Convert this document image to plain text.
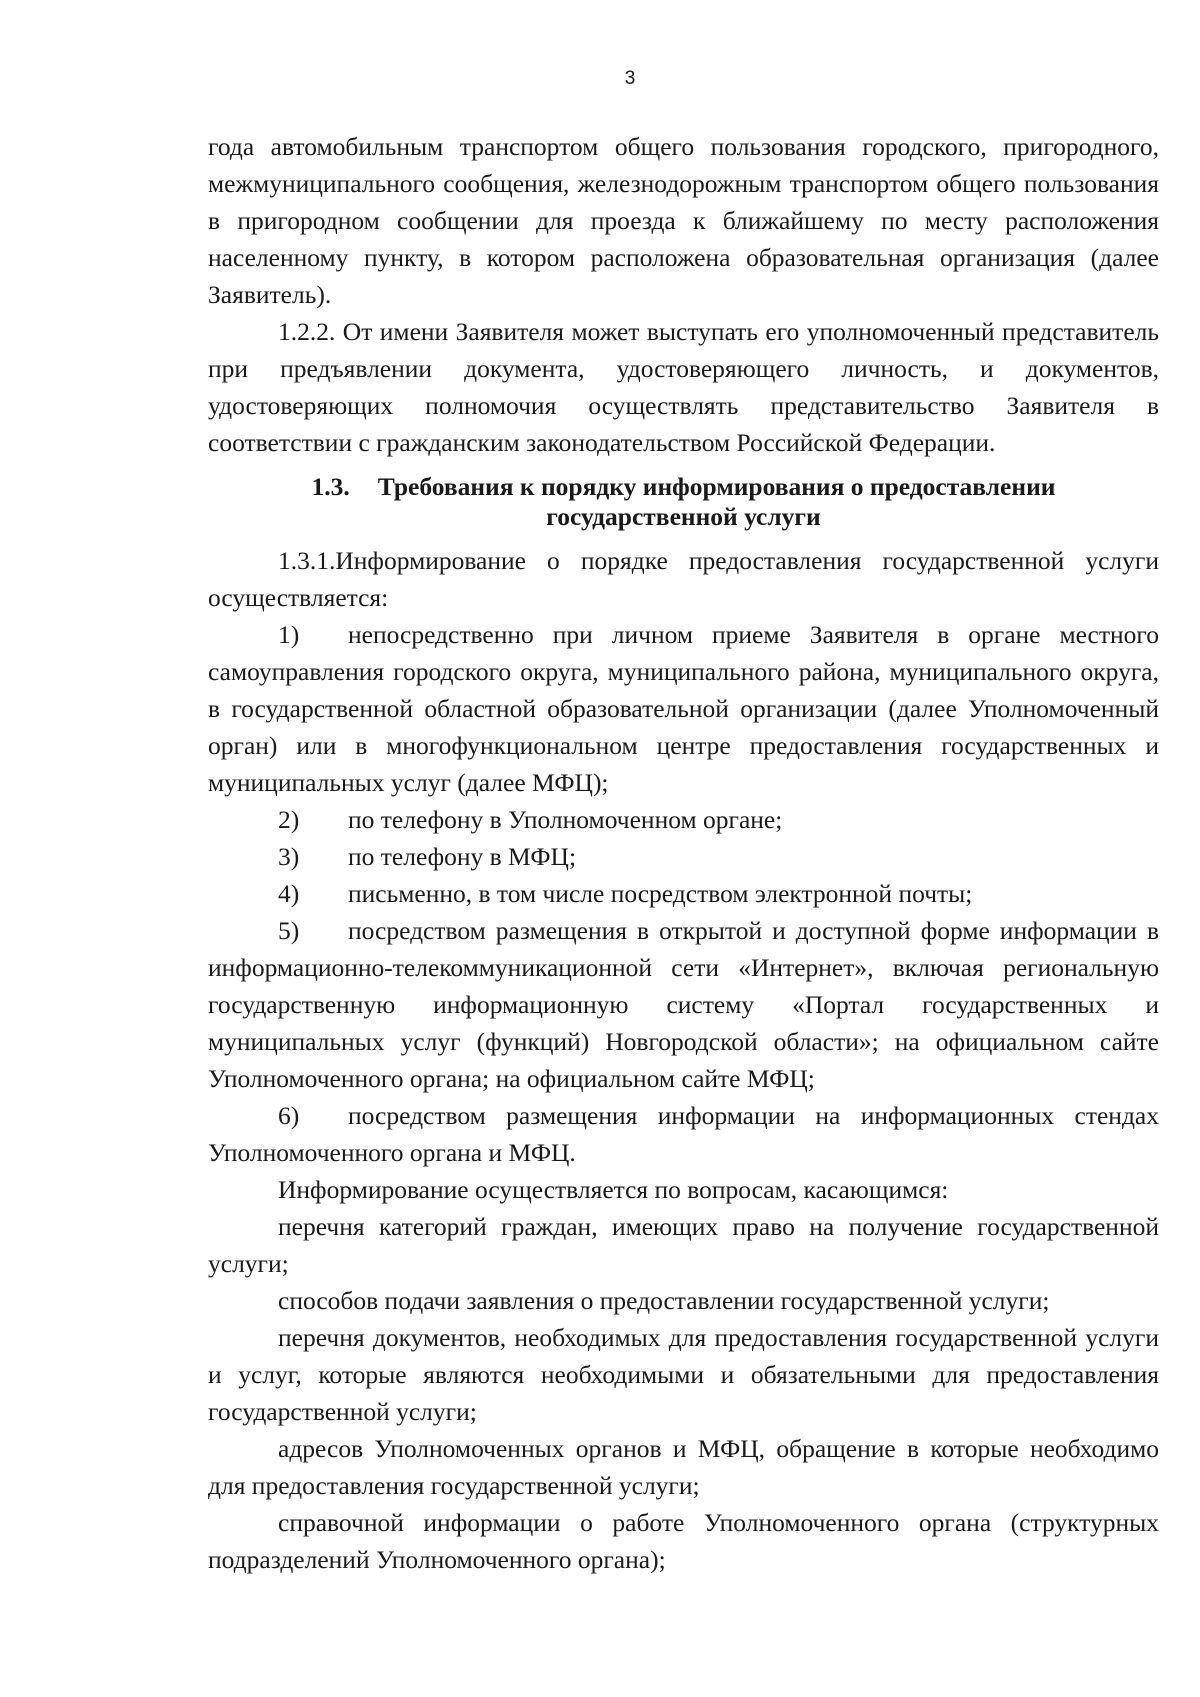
3

года автомобильным транспортом общего пользования городского, пригородного, межмуниципального сообщения, железнодорожным транспортом общего пользования в пригородном сообщении для проезда к ближайшему по месту расположения населенному пункту, в котором расположена образовательная организация (далее Заявитель).

1.2.2. От имени Заявителя может выступать его уполномоченный представитель при предъявлении документа, удостоверяющего личность, и документов, удостоверяющих полномочия осуществлять представительство Заявителя в соответствии с гражданским законодательством Российской Федерации.

1.3. Требования к порядку информирования о предоставлении
государственной услуги

1.3.1.Информирование о порядке предоставления государственной услуги осуществляется:

1) непосредственно при личном приеме Заявителя в органе местного самоуправления городского округа, муниципального района, муниципального округа, в государственной областной образовательной организации (далее Уполномоченный орган) или в многофункциональном центре предоставления государственных и муниципальных услуг (далее МФЦ);

2) по телефону в Уполномоченном органе;

3) по телефону в МФЦ;

4) письменно, в том числе посредством электронной почты;

5) посредством размещения в открытой и доступной форме информации в информационно-телекоммуникационной сети «Интернет», включая региональную государственную информационную систему «Портал государственных и муниципальных услуг (функций) Новгородской области»; на официальном сайте Уполномоченного органа; на официальном сайте МФЦ;

6) посредством размещения информации на информационных стендах Уполномоченного органа и МФЦ.

Информирование осуществляется по вопросам, касающимся:

перечня категорий граждан, имеющих право на получение государственной услуги;

способов подачи заявления о предоставлении государственной услуги;

перечня документов, необходимых для предоставления государственной услуги и услуг, которые являются необходимыми и обязательными для предоставления государственной услуги;

адресов Уполномоченных органов и МФЦ, обращение в которые необходимо для предоставления государственной услуги;

справочной информации о работе Уполномоченного органа (структурных подразделений Уполномоченного органа);
